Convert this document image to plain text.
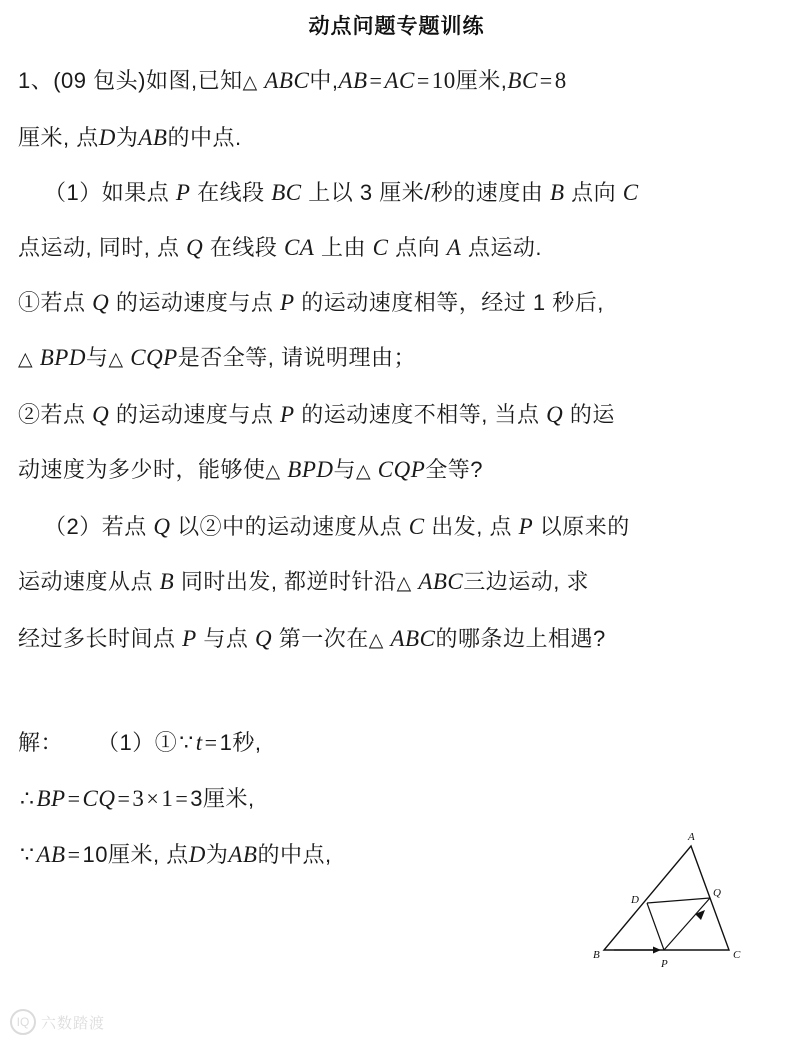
动点问题专题训练
1、(09 包头)如图,已知△ ABC中,AB=AC=10厘米,BC=8
厘米, 点D为AB的中点.
（1）如果点 P 在线段 BC 上以 3 厘米/秒的速度由 B 点向 C
点运动, 同时, 点 Q 在线段 CA 上由 C 点向 A 点运动.
①若点 Q 的运动速度与点 P 的运动速度相等，经过 1 秒后,
△ BPD与△ CQP是否全等, 请说明理由；
②若点 Q 的运动速度与点 P 的运动速度不相等, 当点 Q 的运
动速度为多少时，能够使△ BPD与△ CQP全等?
（2）若点 Q 以②中的运动速度从点 C 出发, 点 P 以原来的
运动速度从点 B 同时出发, 都逆时针沿△ ABC三边运动, 求
经过多长时间点 P 与点 Q 第一次在△ ABC的哪条边上相遇?
解： （1）①∵t=1秒,
∴BP=CQ=3×1=3厘米,
∵AB=10厘米, 点D为AB的中点,
A
B	C
D
P
Q
IQ 六数踏渡
